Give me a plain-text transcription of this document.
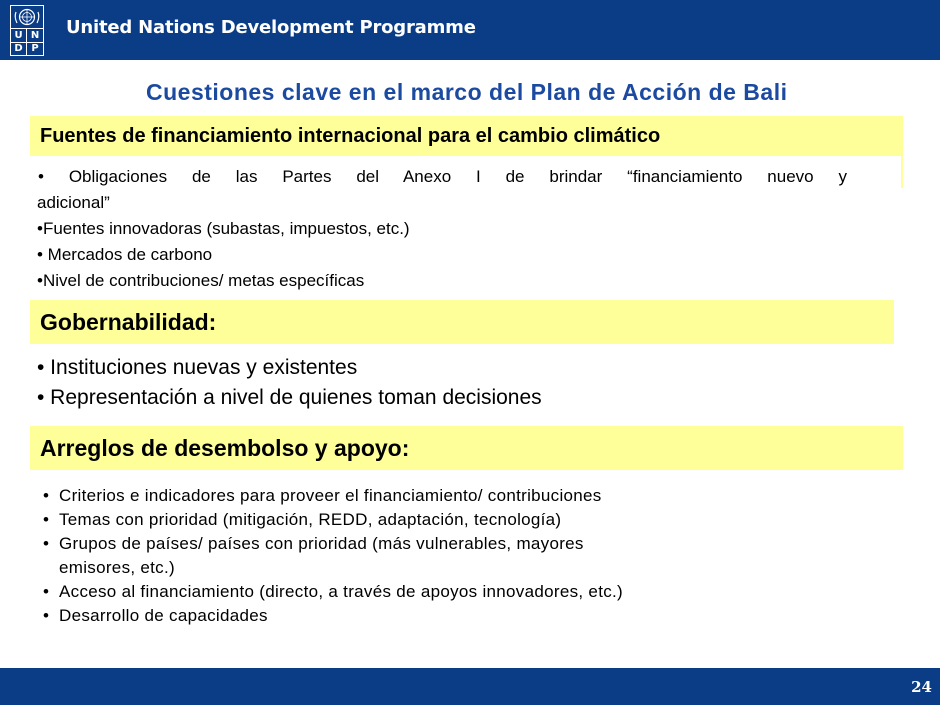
U N
D P
United Nations Development Programme
Cuestiones clave en el marco del Plan de Acción de Bali
Fuentes de financiamiento internacional para el cambio climático
• Obligaciones de las Partes del Anexo I de brindar “financiamiento nuevo y
adicional”
•Fuentes innovadoras (subastas, impuestos, etc.)
• Mercados de carbono
•Nivel de contribuciones/ metas específicas
Gobernabilidad:
• Instituciones nuevas y existentes
• Representación a nivel de quienes toman decisiones
Arreglos de desembolso y apoyo:
• Criterios e indicadores para proveer el financiamiento/ contribuciones
• Temas con prioridad (mitigación, REDD, adaptación, tecnología)
• Grupos de países/ países con prioridad (más vulnerables, mayores
emisores, etc.)
• Acceso al financiamiento (directo, a través de apoyos innovadores, etc.)
• Desarrollo de capacidades
24
